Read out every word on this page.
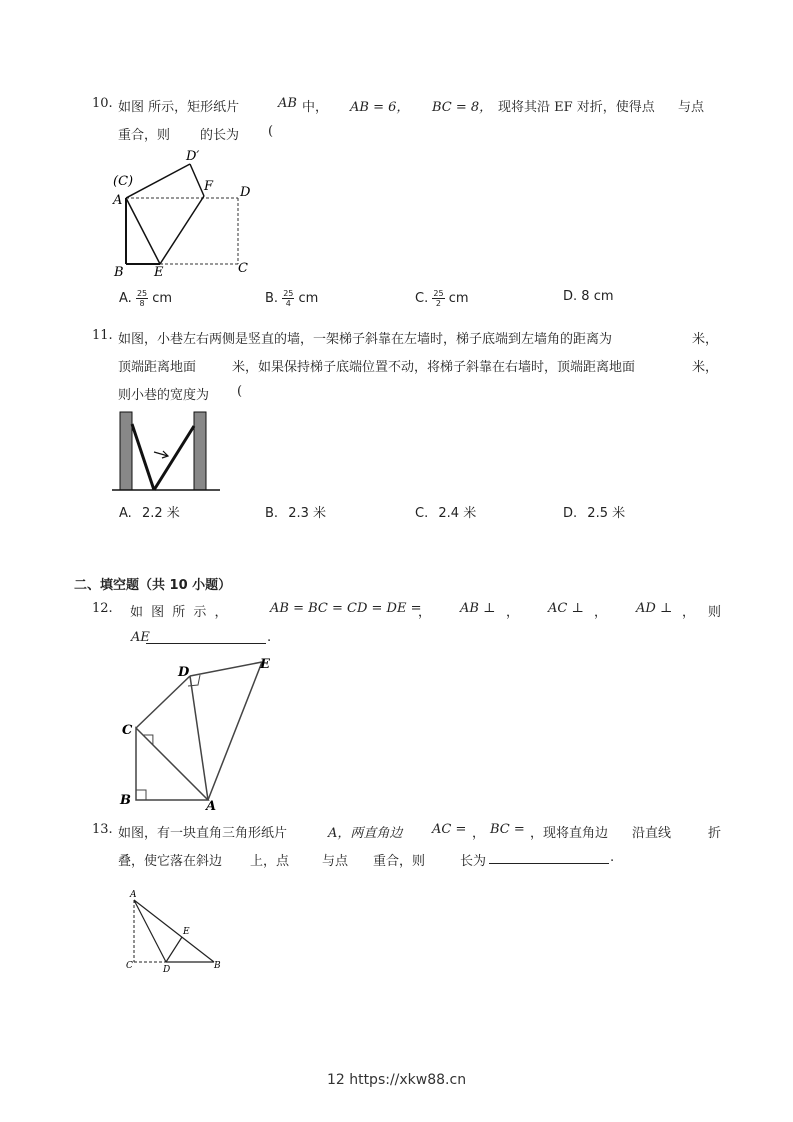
10. 如图 所示，矩形纸片	AB 中， AB = 6， BC = 8， 现将其沿 EF 对折，使得点 与点
重合，则 的长为 (
(C)
D′
A
F D
B E	C
A. $\frac{25}{8}$ cm	B. $\frac{25}{4}$ cm	C. $\frac{25}{2}$ cm	D. 8 cm
11. 如图，小巷左右两侧是竖直的墙，一架梯子斜靠在左墙时，梯子底端到左墙角的距离为	米，
顶端距离地面	米，如果保持梯子底端位置不动，将梯子斜靠在右墙时，顶端距离地面	米，
则小巷的宽度为 (
A. 2.2 米	B. 2.3 米	C. 2.4 米	D. 2.5 米
二、填空题（共 10 小题）
12. 如 图 所 示 ，	AB = BC = CD = DE =
， AB ⊥ ， AC ⊥ ， AD ⊥ ， 则
AE	.
D
E
C
B	A
13. 如图，有一块直角三角形纸片	A，两直角边 AC = ， BC = ，现将直角边 沿直线	折
叠，使它落在斜边 上，点	与点 重合，则	长为	.
A
E
C	D	B
12 https://xkw88.cn
